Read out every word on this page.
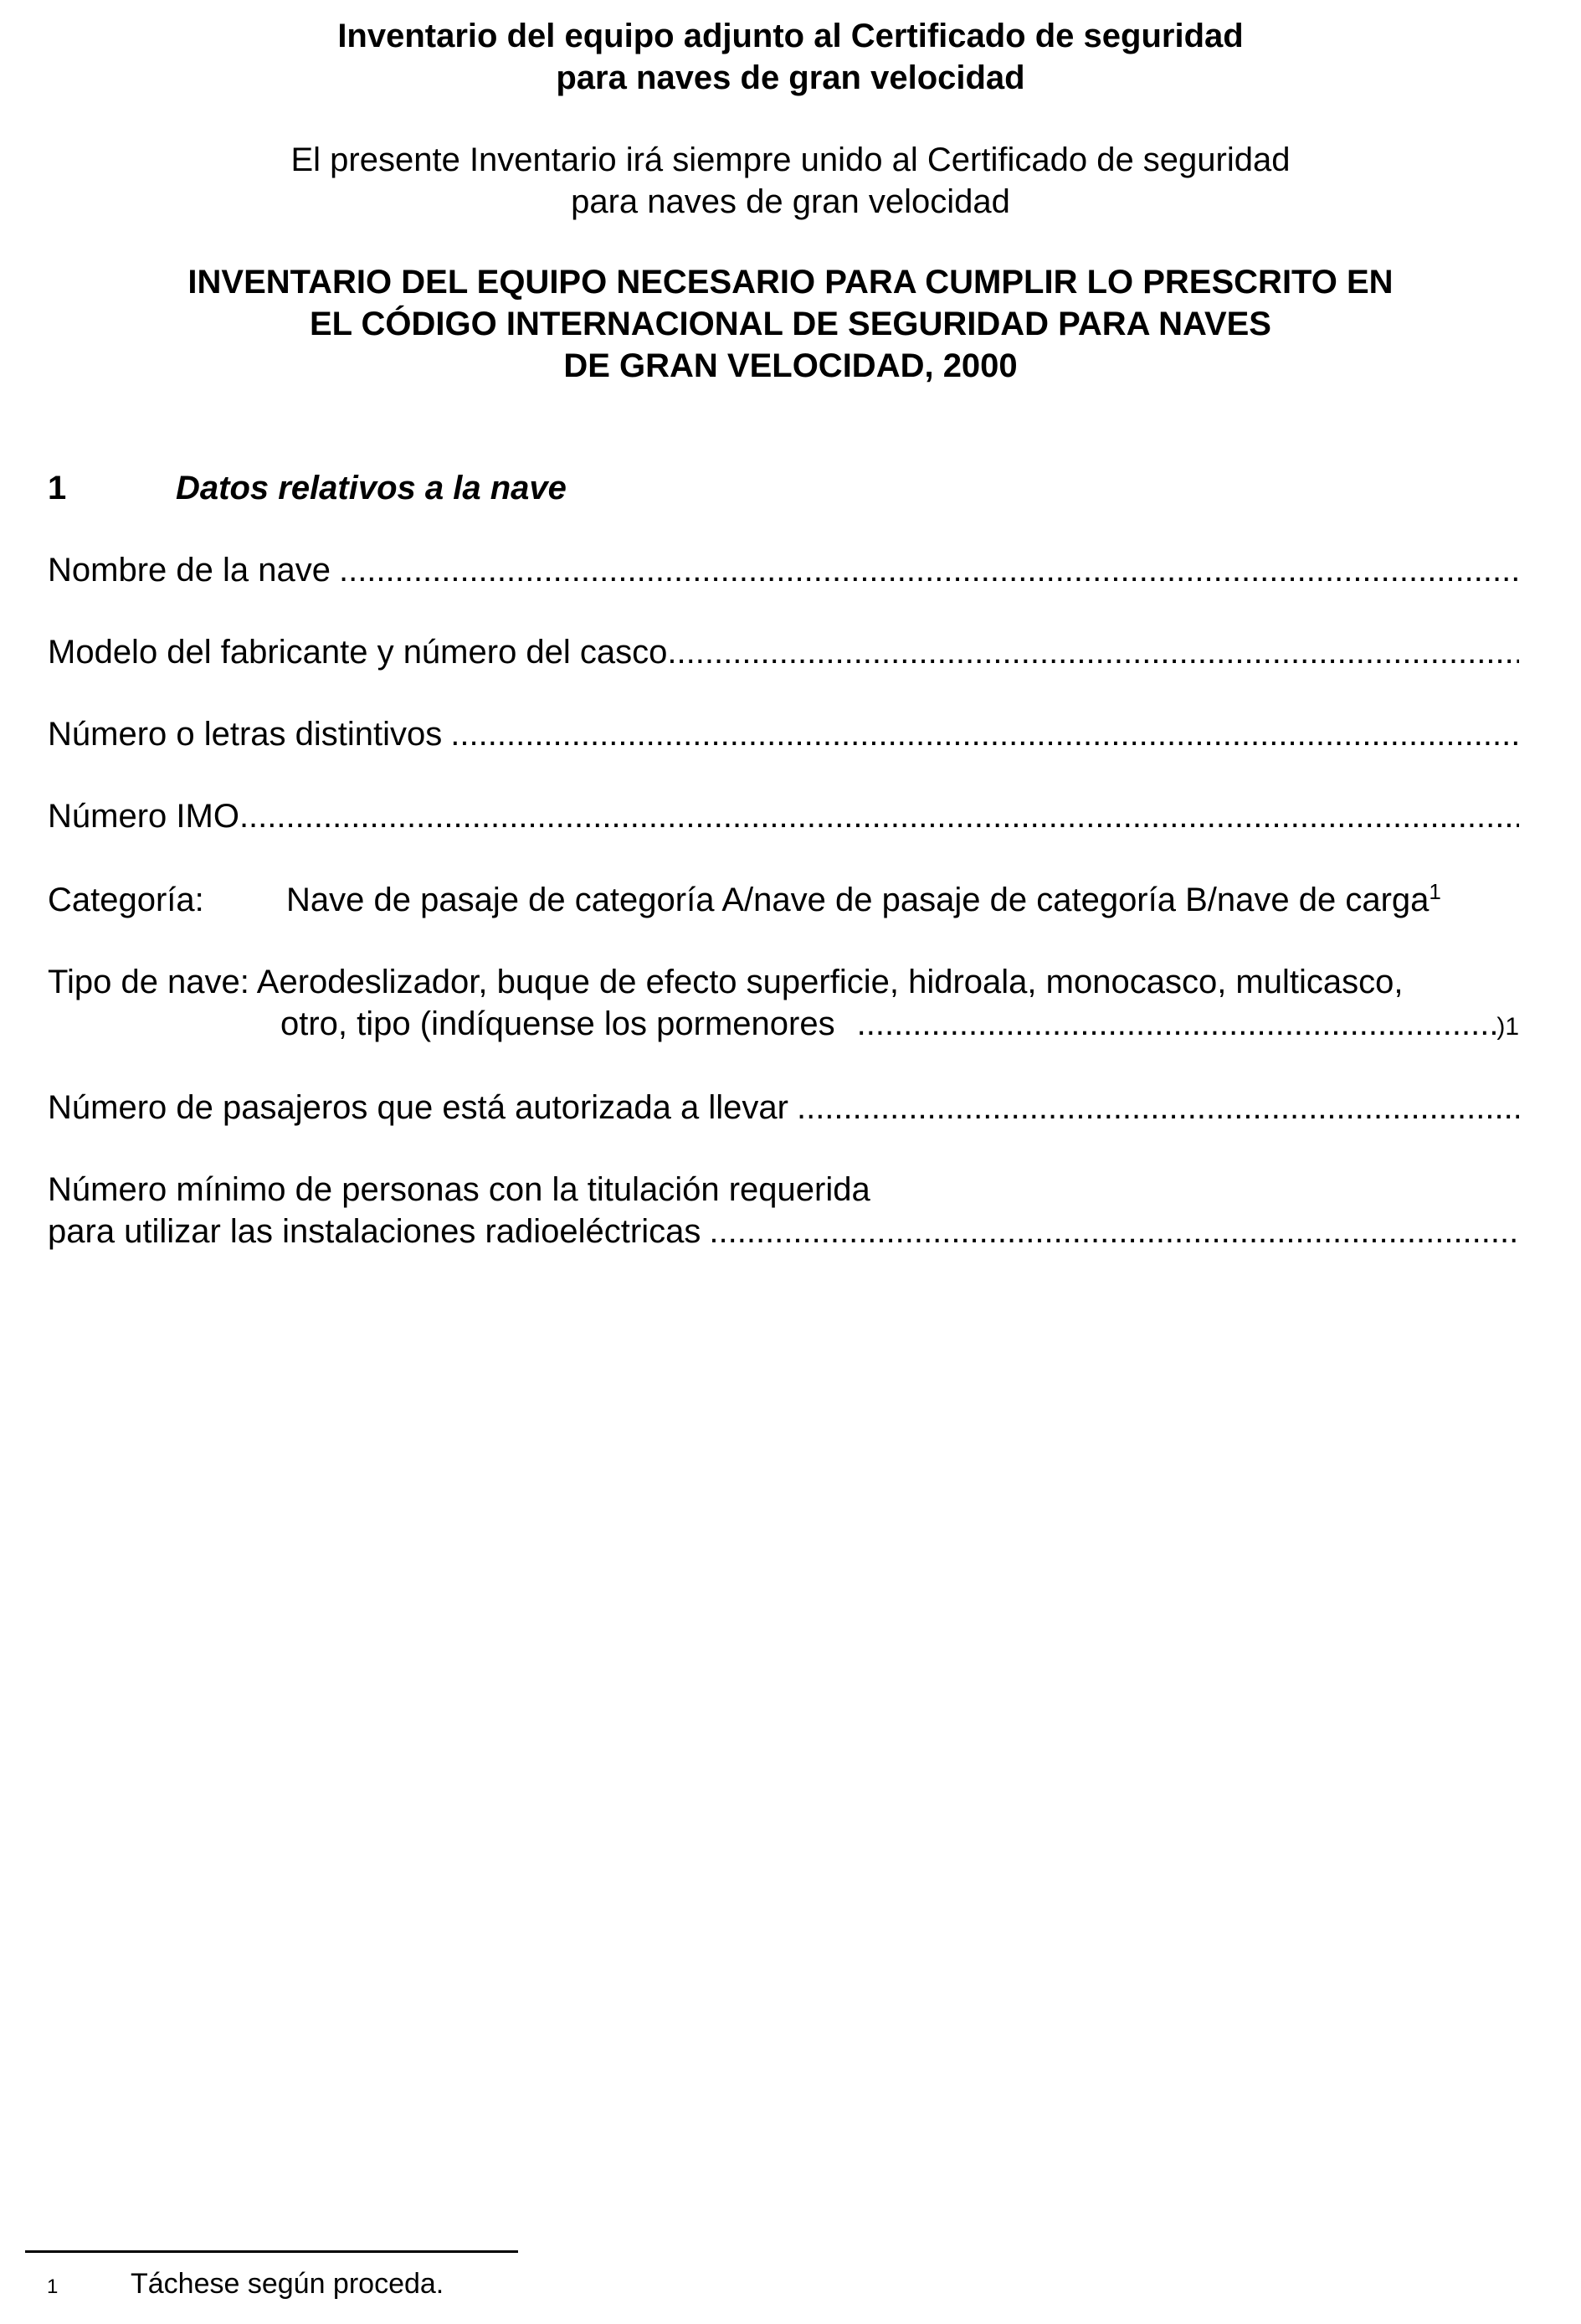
Inventario del equipo adjunto al Certificado de seguridad
para naves de gran velocidad
El presente Inventario irá siempre unido al Certificado de seguridad
para naves de gran velocidad
INVENTARIO DEL EQUIPO NECESARIO PARA CUMPLIR LO PRESCRITO EN
EL CÓDIGO INTERNACIONAL DE SEGURIDAD PARA NAVES
DE GRAN VELOCIDAD, 2000
1	Datos relativos a la nave
Nombre de la nave
.....
Modelo del fabricante y número del casco
.....
Número o letras distintivos
.....
Número IMO
.....
Categoría: Nave de pasaje de categoría A/nave de pasaje de categoría B/nave de carga$^1$
Tipo de nave: Aerodeslizador, buque de efecto superficie, hidroala, monocasco, multicasco,
otro, tipo (indíquense los pormenores
.....	) 1
Número de pasajeros que está autorizada a llevar
.....
Número mínimo de personas con la titulación requerida
para utilizar las instalaciones radioeléctricas
.....
1	Táchese según proceda.
